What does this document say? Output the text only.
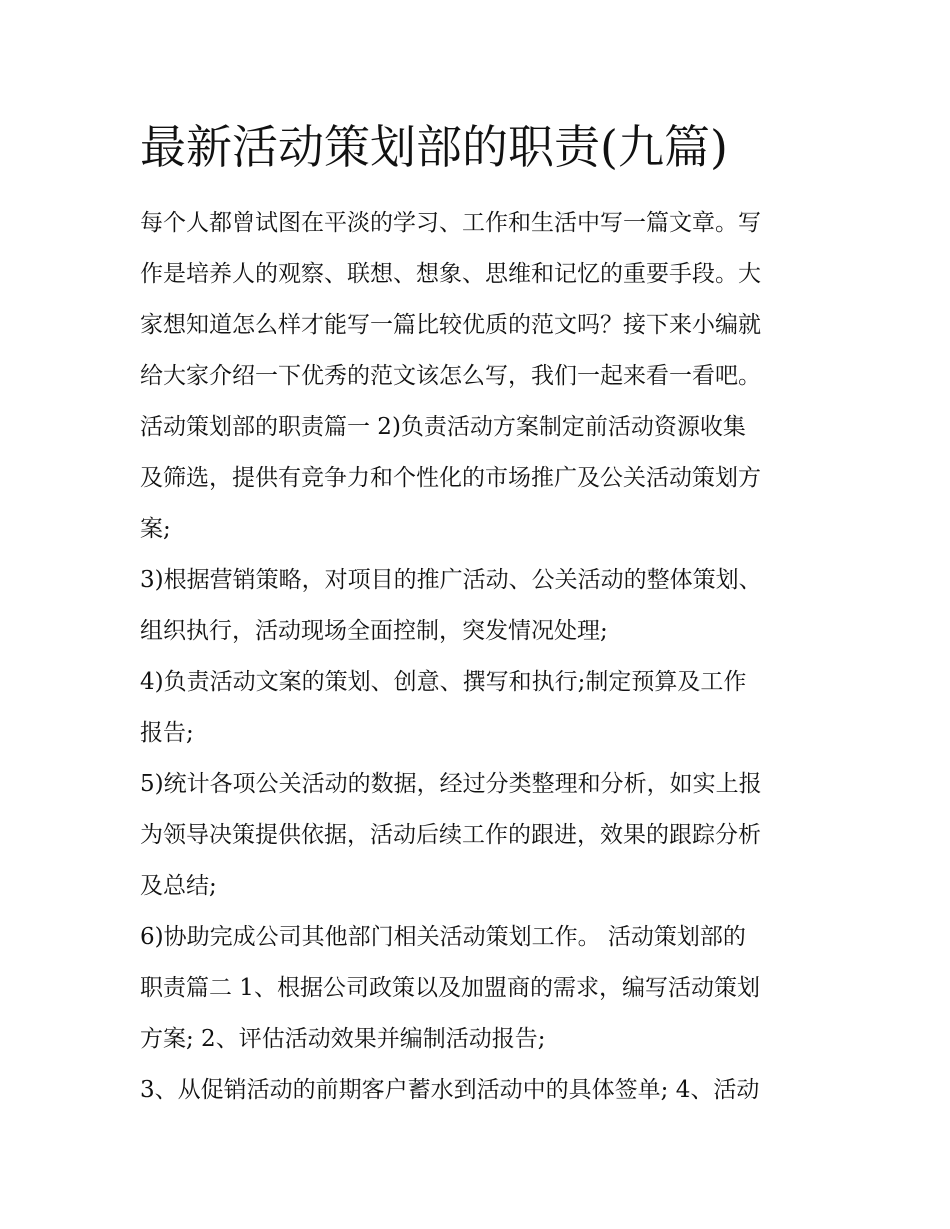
最新活动策划部的职责(九篇)

每个人都曾试图在平淡的学习、工作和生活中写一篇文章。写

作是培养人的观察、联想、想象、思维和记忆的重要手段。大

家想知道怎么样才能写一篇比较优质的范文吗？接下来小编就

给大家介绍一下优秀的范文该怎么写，我们一起来看一看吧。

活动策划部的职责篇一 2)负责活动方案制定前活动资源收集

及筛选，提供有竞争力和个性化的市场推广及公关活动策划方

案;

3)根据营销策略，对项目的推广活动、公关活动的整体策划、

组织执行，活动现场全面控制，突发情况处理;

4)负责活动文案的策划、创意、撰写和执行;制定预算及工作

报告;

5)统计各项公关活动的数据，经过分类整理和分析，如实上报

为领导决策提供依据，活动后续工作的跟进，效果的跟踪分析

及总结;

6)协助完成公司其他部门相关活动策划工作。 活动策划部的

职责篇二 1、根据公司政策以及加盟商的需求，编写活动策划

方案; 2、评估活动效果并编制活动报告;

3、从促销活动的前期客户蓄水到活动中的具体签单; 4、活动
